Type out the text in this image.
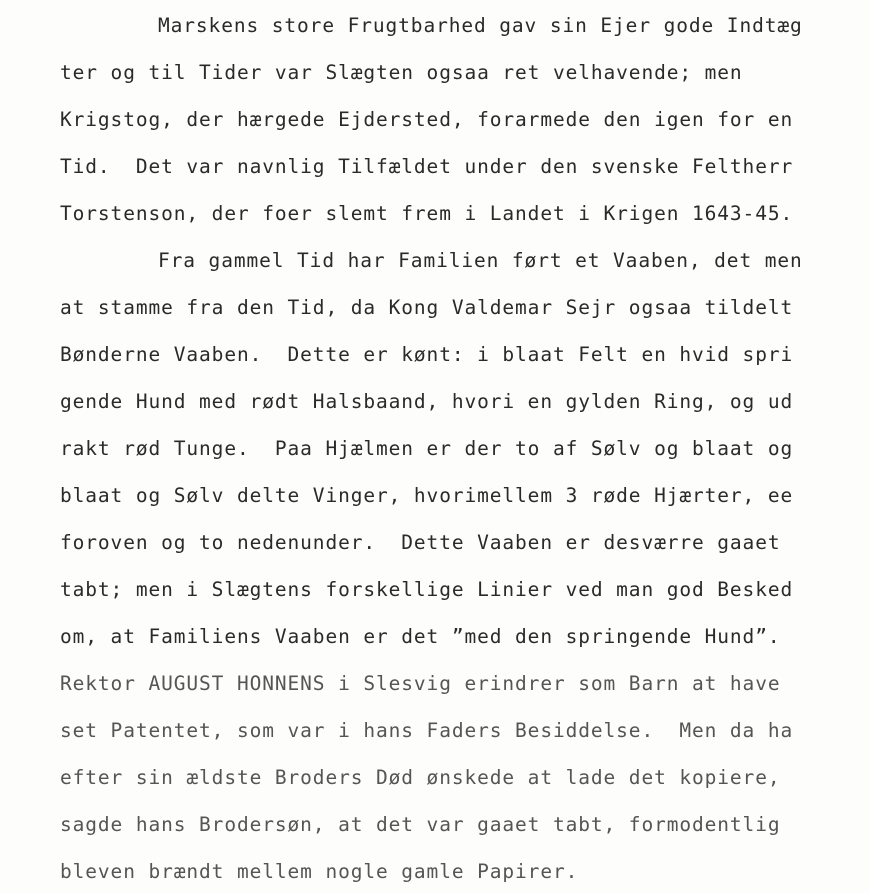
Marskens store Frugtbarhed gav sin Ejer gode Indtæg
ter og til Tider var Slægten ogsaa ret velhavende; men
Krigstog, der hærgede Ejdersted, forarmede den igen for en
Tid.  Det var navnlig Tilfældet under den svenske Feltherr
Torstenson, der foer slemt frem i Landet i Krigen 1643-45.
Fra gammel Tid har Familien ført et Vaaben, det men
at stamme fra den Tid, da Kong Valdemar Sejr ogsaa tildelt
Bønderne Vaaben.  Dette er kønt: i blaat Felt en hvid spri
gende Hund med rødt Halsbaand, hvori en gylden Ring, og ud
rakt rød Tunge.  Paa Hjælmen er der to af Sølv og blaat og
blaat og Sølv delte Vinger, hvorimellem 3 røde Hjærter, ee
foroven og to nedenunder.  Dette Vaaben er desværre gaaet
tabt; men i Slægtens forskellige Linier ved man god Besked
om, at Familiens Vaaben er det ”med den springende Hund”.
Rektor AUGUST HONNENS i Slesvig erindrer som Barn at have
set Patentet, som var i hans Faders Besiddelse.  Men da ha
efter sin ældste Broders Død ønskede at lade det kopiere,
sagde hans Brodersøn, at det var gaaet tabt, formodentlig
bleven brændt mellem nogle gamle Papirer.
